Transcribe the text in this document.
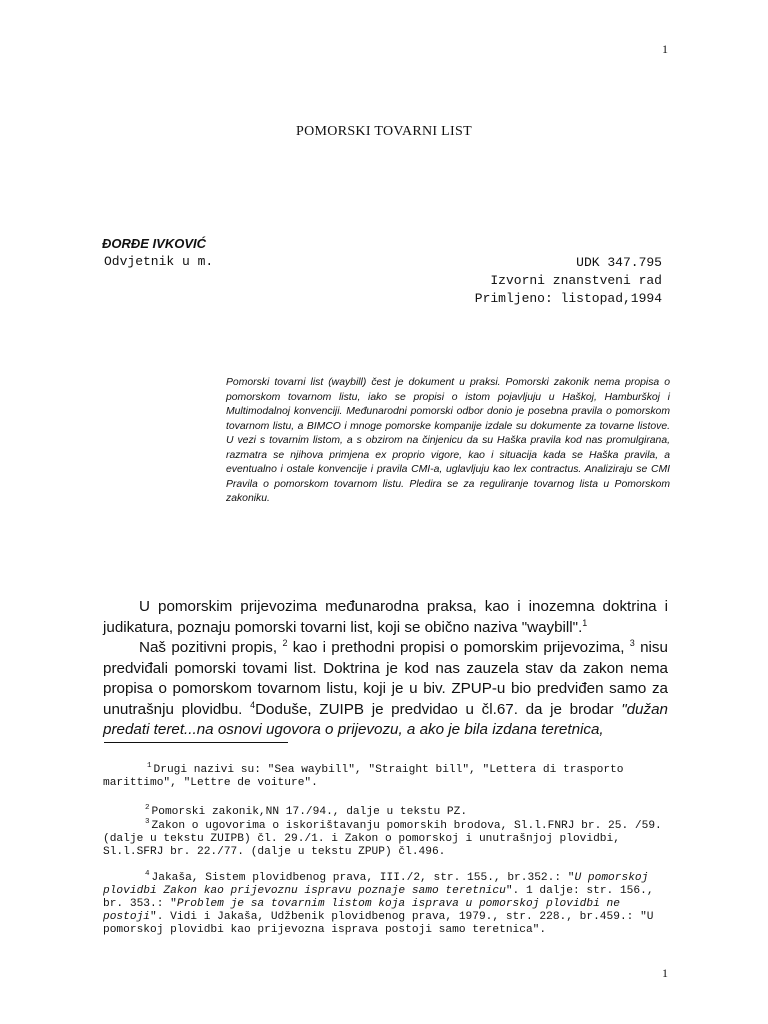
1
POMORSKI TOVARNI LIST
ĐORĐE IVKOVIĆ
Odvjetnik u m.	UDK 347.795
Izvorni znanstveni rad
Primljeno: listopad,1994

Pomorski tovarni list (waybill) čest je dokument u praksi. Pomorski zakonik nema propisa o pomorskom tovarnom listu, iako se propisi o istom pojavljuju u Haškoj, Hamburškoj i Multimodalnoj konvenciji. Međunarodni pomorski odbor donio je posebna pravila o pomorskom tovarnom listu, a BIMCO i mnoge pomorske kompanije izdale su dokumente za tovarne listove. U vezi s tovarnim listom, a s obzirom na činjenicu da su Haška pravila kod nas promulgirana, razmatra se njihova primjena ex proprio vigore, kao i situacija kada se Haška pravila, a eventualno i ostale konvencije i pravila CMI-a, uglavljuju kao lex contractus. Analiziraju se CMI Pravila o pomorskom tovarnom listu. Pledira se za reguliranje tovarnog lista u Pomorskom zakoniku.

U pomorskim prijevozima međunarodna praksa, kao i inozemna doktrina i judikatura, poznaju pomorski tovarni list, koji se obično naziva "waybill".$^1$

Naš pozitivni propis, $^2$ kao i prethodni propisi o pomorskim prijevozima, $^3$ nisu predviđali pomorski tovami list. Doktrina je kod nas zauzela stav da zakon nema propisa o pomorskom tovarnom listu, koji je u biv. ZPUP-u bio predviđen samo za unutrašnju plovidbu. $^4$Doduše, ZUIPB je predvidao u čl.67. da je brodar "dužan predati teret...na osnovi ugovora o prijevozu, a ako je bila izdana teretnica,

$^1$ Drugi nazivi su: "Sea waybill", "Straight bill", "Lettera di trasporto marittimo", "Lettre de voiture".

$^2$ Pomorski zakonik,NN 17./94., dalje u tekstu PZ.

$^3$ Zakon o ugovorima o iskorištavanju pomorskih brodova, Sl.l.FNRJ br. 25. /59. (dalje u tekstu ZUIPB) čl. 29./1. i Zakon o pomorskoj i unutrašnjoj plovidbi, Sl.l.SFRJ br. 22./77. (dalje u tekstu ZPUP) čl.496.

$^4$ Jakaša, Sistem plovidbenog prava, III./2, str. 155., br.352.: "U pomorskoj plovidbi Zakon kao prijevoznu ispravu poznaje samo teretnicu". 1 dalje: str. 156., br. 353.: "Problem je sa tovarnim listom koja isprava u pomorskoj plovidbi ne postoji". Vidi i Jakaša, Udžbenik plovidbenog prava, 1979., str. 228., br.459.: "U pomorskoj plovidbi kao prijevozna isprava postoji samo teretnica".

1
